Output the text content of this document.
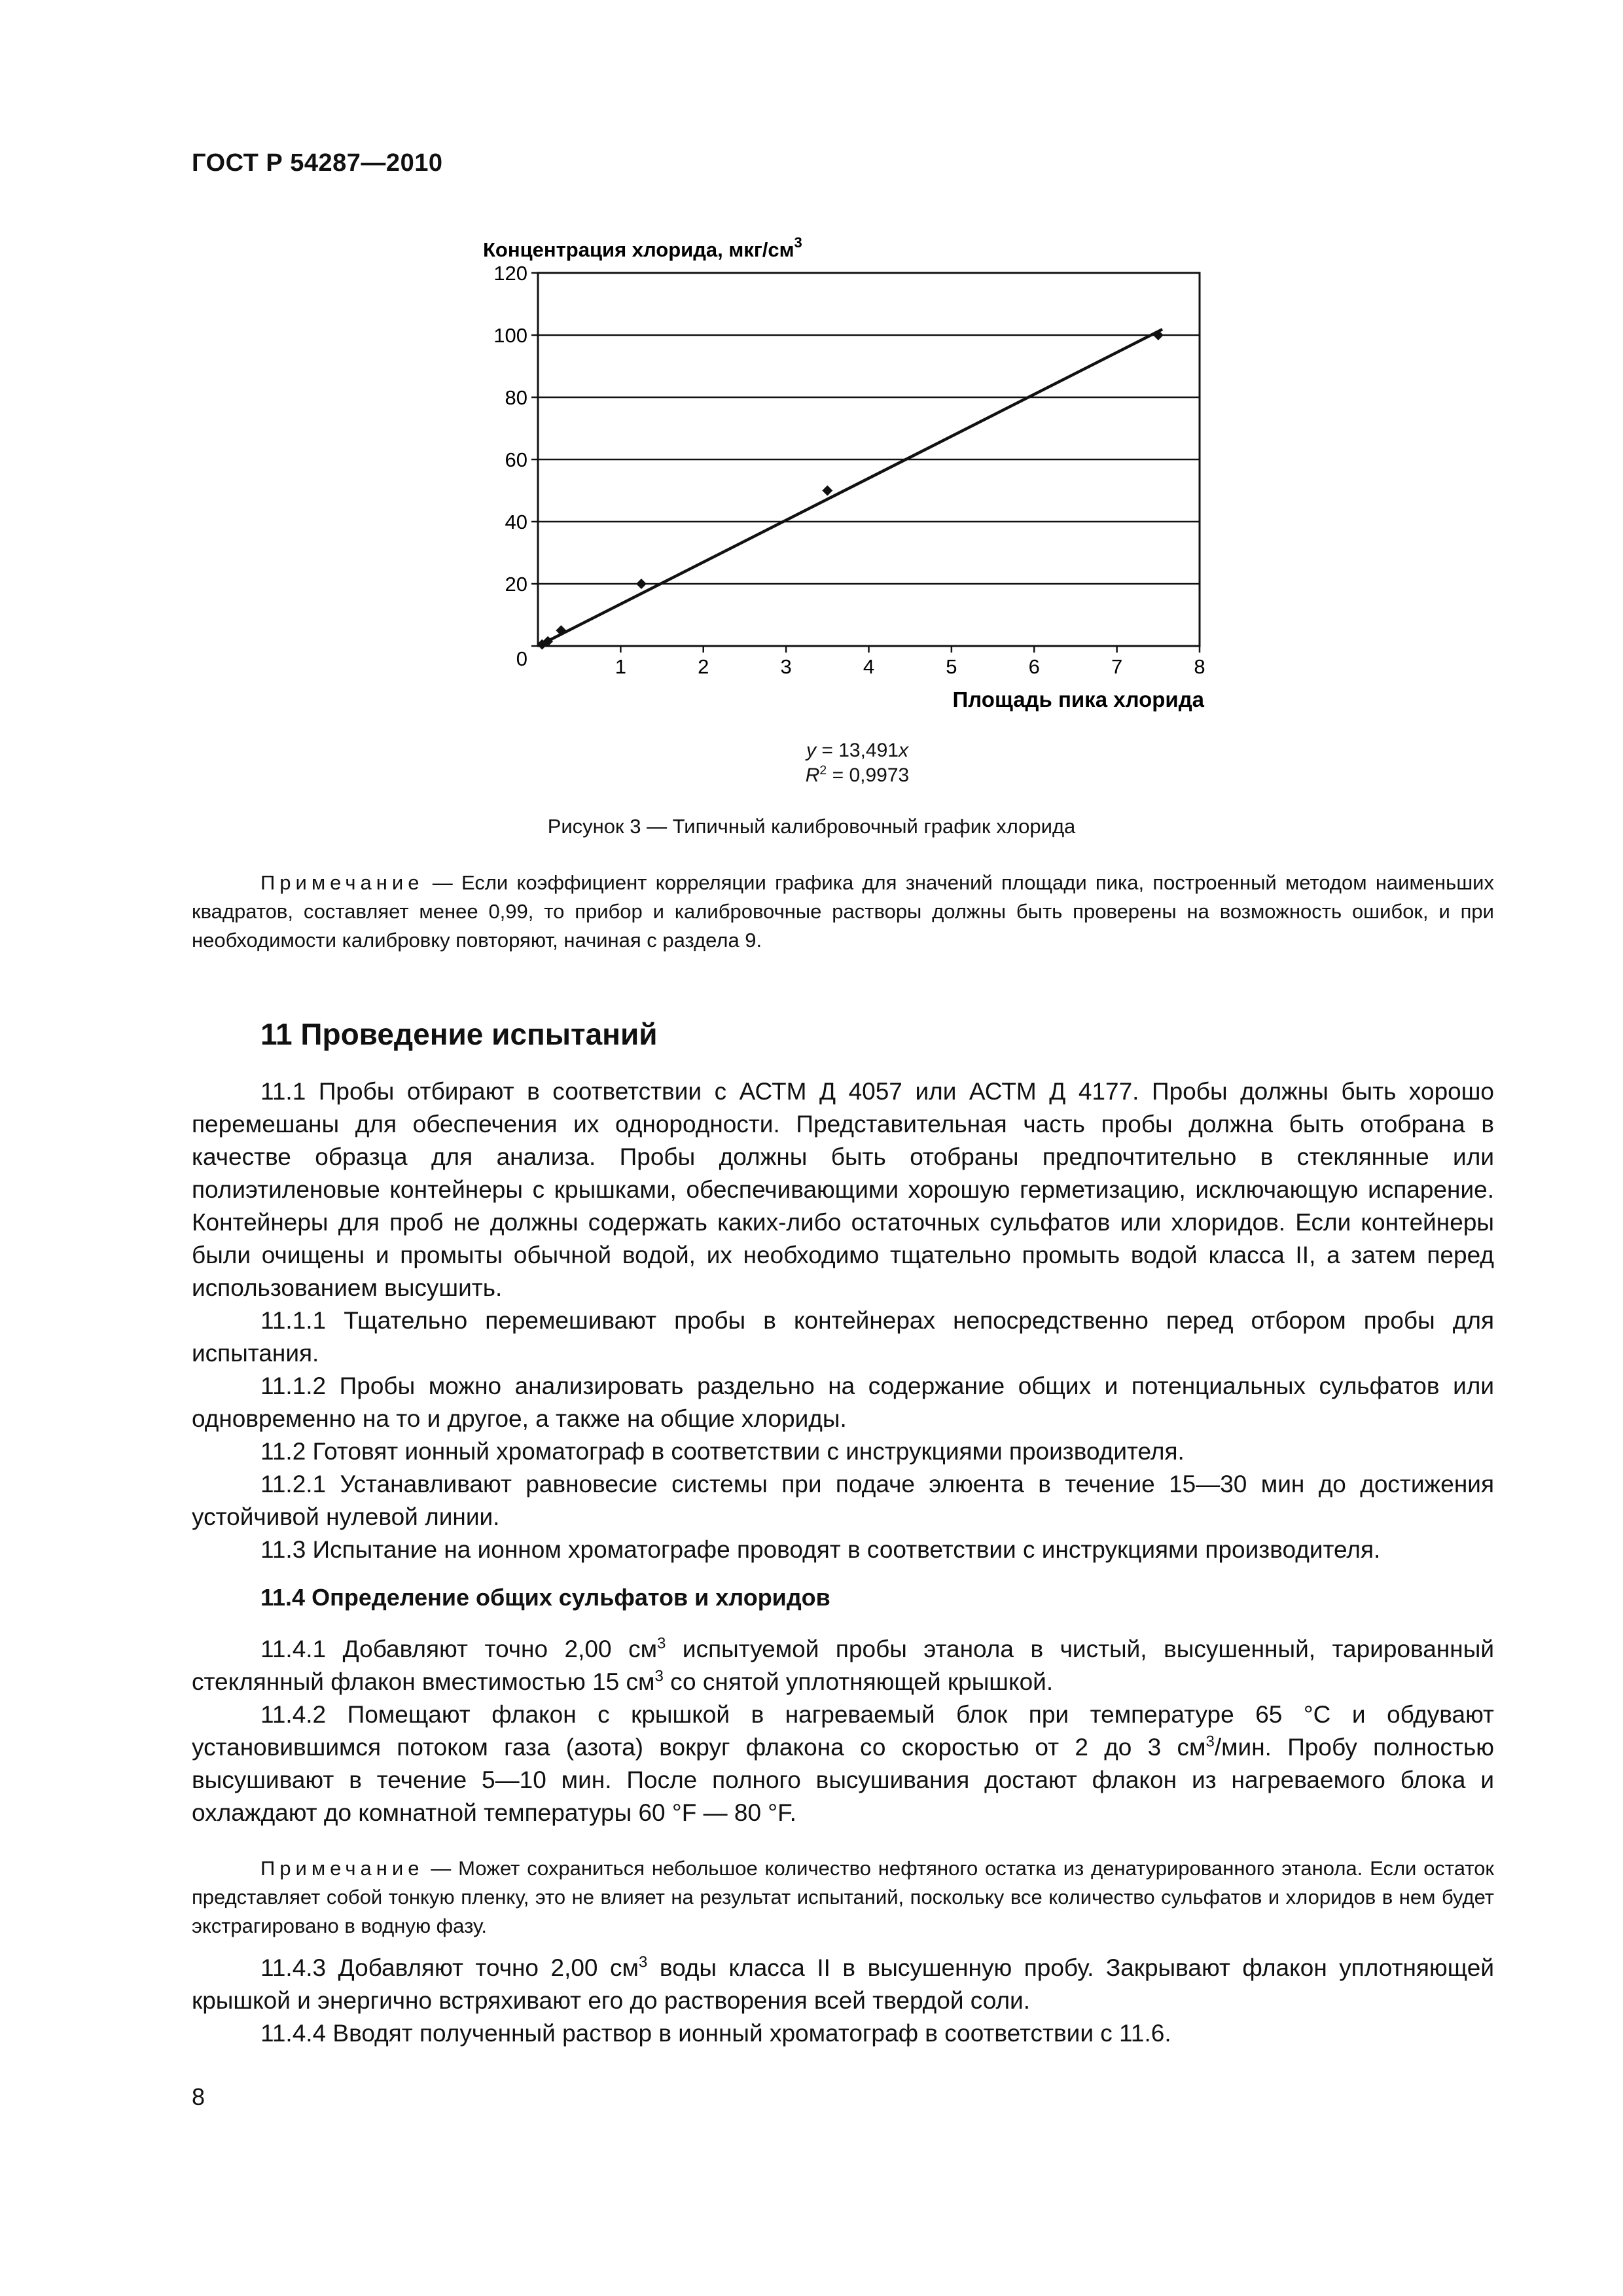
ГОСТ Р 54287—2010
Концентрация хлорида, мкг/$см^3$
0
20
40
60
80
100
120
1	2	3	4	5	6	7	8
Площадь пика хлорида
y = 13,491x
$R^2 = 0,9973$
Рисунок 3 — Типичный калибровочный график хлорида
Примечание — Если коэффициент корреляции графика для значений площади пика, построенный методом наименьших квадратов, составляет менее 0,99, то прибор и калибровочные растворы должны быть проверены на возможность ошибок, и при необходимости калибровку повторяют, начиная с раздела 9.
11 Проведение испытаний

11.1 Пробы отбирают в соответствии с АСТМ Д 4057 или АСТМ Д 4177. Пробы должны быть хорошо перемешаны для обеспечения их однородности. Представительная часть пробы должна быть отобрана в качестве образца для анализа. Пробы должны быть отобраны предпочтительно в стеклянные или полиэтиленовые контейнеры с крышками, обеспечивающими хорошую герметизацию, исключающую испарение. Контейнеры для проб не должны содержать каких-либо остаточных сульфатов или хлоридов. Если контейнеры были очищены и промыты обычной водой, их необходимо тщательно промыть водой класса II, а затем перед использованием высушить.

11.1.1 Тщательно перемешивают пробы в контейнерах непосредственно перед отбором пробы для испытания.

11.1.2 Пробы можно анализировать раздельно на содержание общих и потенциальных сульфатов или одновременно на то и другое, а также на общие хлориды.

11.2 Готовят ионный хроматограф в соответствии с инструкциями производителя.

11.2.1 Устанавливают равновесие системы при подаче элюента в течение 15—30 мин до достижения устойчивой нулевой линии.

11.3 Испытание на ионном хроматографе проводят в соответствии с инструкциями производителя.

11.4 Определение общих сульфатов и хлоридов

11.4.1 Добавляют точно 2,00 $см^3$ испытуемой пробы этанола в чистый, высушенный, тарированный стеклянный флакон вместимостью 15 $см^3$ со снятой уплотняющей крышкой.

11.4.2 Помещают флакон с крышкой в нагреваемый блок при температуре 65 °С и обдувают установившимся потоком газа (азота) вокруг флакона со скоростью от 2 до 3 $см^3$/мин. Пробу полностью высушивают в течение 5—10 мин. После полного высушивания достают флакон из нагреваемого блока и охлаждают до комнатной температуры 60 °F — 80 °F.

Примечание — Может сохраниться небольшое количество нефтяного остатка из денатурированного этанола. Если остаток представляет собой тонкую пленку, это не влияет на результат испытаний, поскольку все количество сульфатов и хлоридов в нем будет экстрагировано в водную фазу.

11.4.3 Добавляют точно 2,00 $см^3$ воды класса II в высушенную пробу. Закрывают флакон уплотняющей крышкой и энергично встряхивают его до растворения всей твердой соли.

11.4.4 Вводят полученный раствор в ионный хроматограф в соответствии с 11.6.

8
